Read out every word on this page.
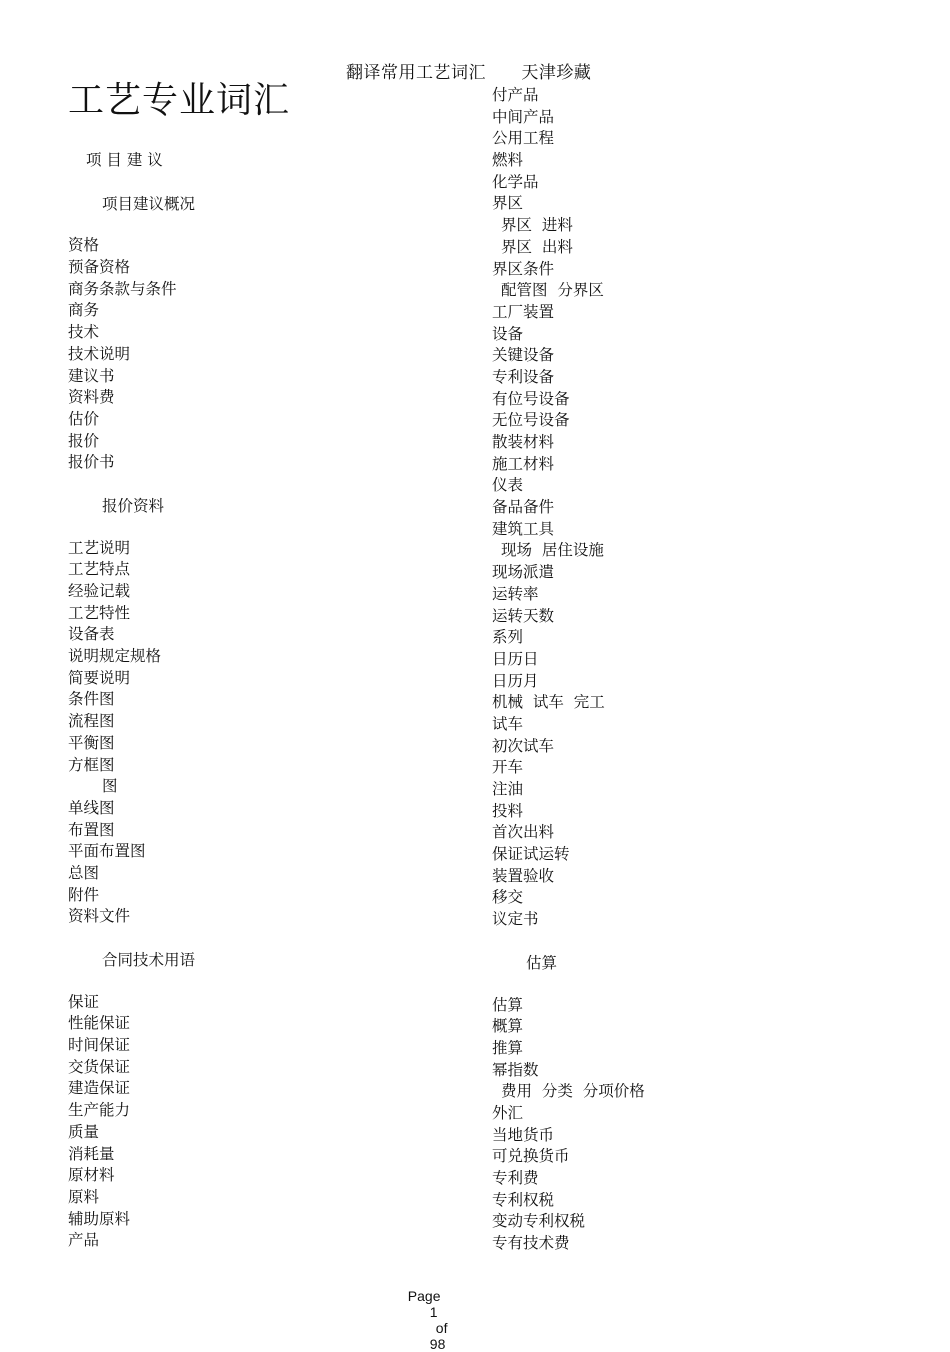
翻译常用工艺词汇      天津珍藏
工艺专业词汇
项 目 建 议
项目建议概况
资格
预备资格
商务条款与条件
商务
技术
技术说明
建议书
资料费
估价
报价
报价书
报价资料
工艺说明
工艺特点
经验记载
工艺特性
设备表
说明规定规格
简要说明
条件图
流程图
平衡图
方框图
图
单线图
布置图
平面布置图
总图
附件
资料文件
合同技术用语
保证
性能保证
时间保证
交货保证
建造保证
生产能力
质量
消耗量
原材料
原料
辅助原料
产品
付产品
中间产品
公用工程
燃料
化学品
界区
界区  进料
界区  出料
界区条件
配管图  分界区
工厂装置
设备
关键设备
专利设备
有位号设备
无位号设备
散装材料
施工材料
仪表
备品备件
建筑工具
现场  居住设施
现场派遣
运转率
运转天数
系列
日历日
日历月
机械  试车  完工
试车
初次试车
开车
注油
投料
首次出料
保证试运转
装置验收
移交
议定书
估算
估算
概算
推算
幂指数
费用  分类  分项价格
外汇
当地货币
可兑换货币
专利费
专利权税
变动专利权税
专有技术费

Page
1
of
98
